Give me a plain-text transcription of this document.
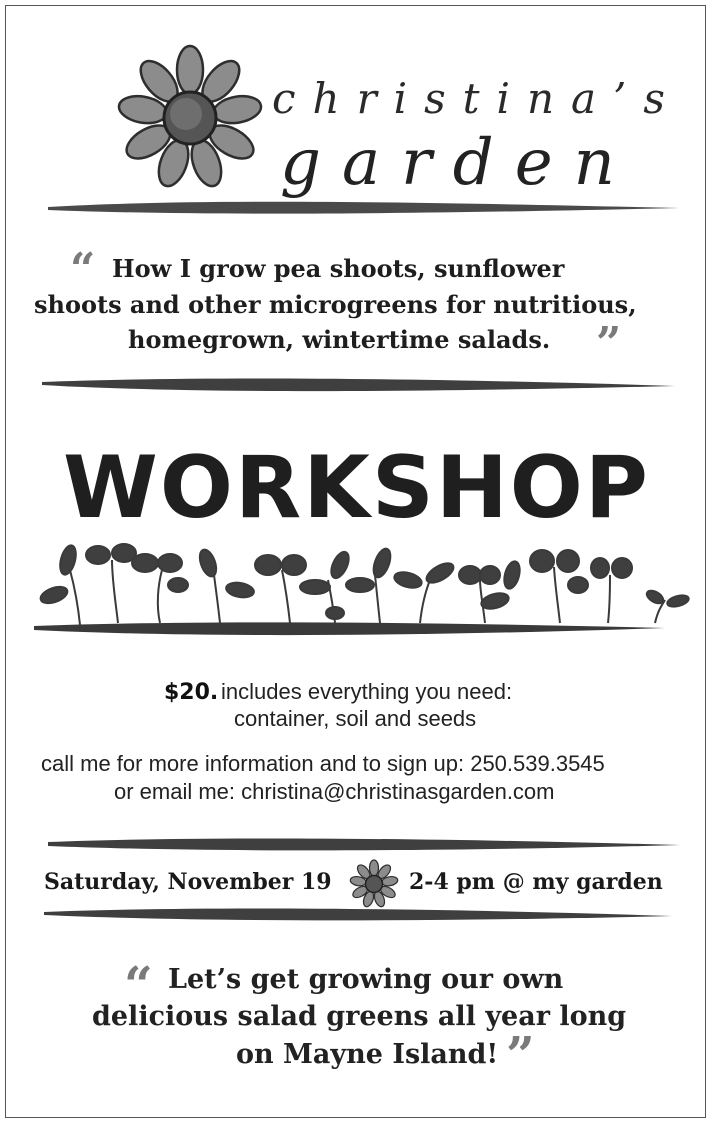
christina’s
garden
“ How I grow pea shoots, sunflower
shoots and other microgreens for nutritious,
homegrown, wintertime salads. ”
WORKSHOP
$20. includes everything you need:
container, soil and seeds
call me for more information and to sign up: 250.539.3545
or email me: christina@christinasgarden.com
Saturday, November 19	2-4 pm @ my garden
“ Let’s get growing our own
delicious salad greens all year long
on Mayne Island! ”
